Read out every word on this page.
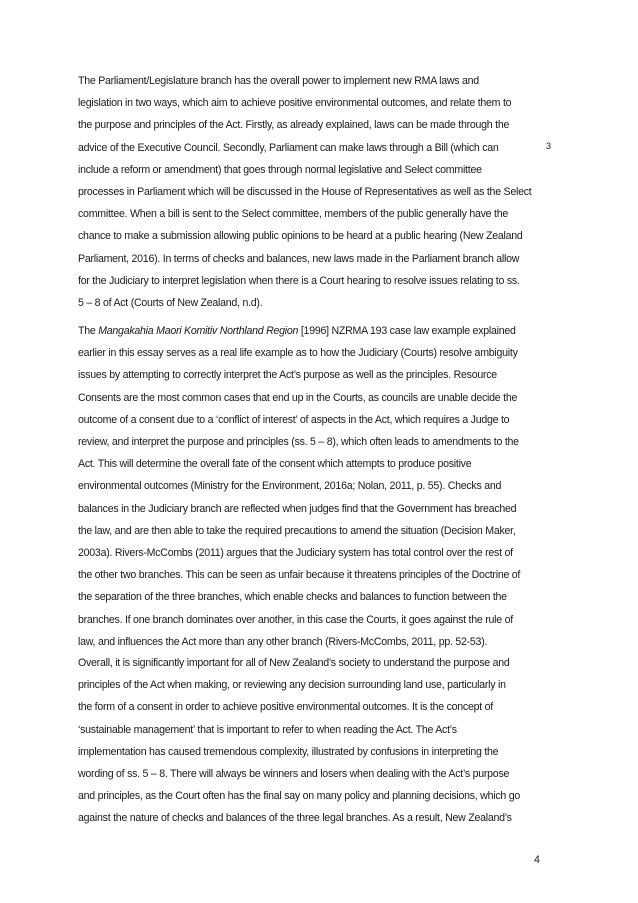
The Parliament/Legislature branch has the overall power to implement new RMA laws and
legislation in two ways, which aim to achieve positive environmental outcomes, and relate them to
the purpose and principles of the Act. Firstly, as already explained, laws can be made through the
advice of the Executive Council. Secondly, Parliament can make laws through a Bill (which can
include a reform or amendment) that goes through normal legislative and Select committee
processes in Parliament which will be discussed in the House of Representatives as well as the Select
committee. When a bill is sent to the Select committee, members of the public generally have the
chance to make a submission allowing public opinions to be heard at a public hearing (New Zealand
Parliament, 2016). In terms of checks and balances, new laws made in the Parliament branch allow
for the Judiciary to interpret legislation when there is a Court hearing to resolve issues relating to ss.
5 – 8 of Act (Courts of New Zealand, n.d).
3
The Mangakahia Maori Komitiv Northland Region [1996] NZRMA 193 case law example explained
earlier in this essay serves as a real life example as to how the Judiciary (Courts) resolve ambiguity
issues by attempting to correctly interpret the Act’s purpose as well as the principles. Resource
Consents are the most common cases that end up in the Courts, as councils are unable decide the
outcome of a consent due to a ‘conflict of interest’ of aspects in the Act, which requires a Judge to
review, and interpret the purpose and principles (ss. 5 – 8), which often leads to amendments to the
Act. This will determine the overall fate of the consent which attempts to produce positive
environmental outcomes (Ministry for the Environment, 2016a; Nolan, 2011, p. 55). Checks and
balances in the Judiciary branch are reflected when judges find that the Government has breached
the law, and are then able to take the required precautions to amend the situation (Decision Maker,
2003a). Rivers-McCombs (2011) argues that the Judiciary system has total control over the rest of
the other two branches. This can be seen as unfair because it threatens principles of the Doctrine of
the separation of the three branches, which enable checks and balances to function between the
branches. If one branch dominates over another, in this case the Courts, it goes against the rule of
law, and influences the Act more than any other branch (Rivers-McCombs, 2011, pp. 52-53).
Overall, it is significantly important for all of New Zealand’s society to understand the purpose and
principles of the Act when making, or reviewing any decision surrounding land use, particularly in
the form of a consent in order to achieve positive environmental outcomes. It is the concept of
‘sustainable management’ that is important to refer to when reading the Act. The Act’s
implementation has caused tremendous complexity, illustrated by confusions in interpreting the
wording of ss. 5 – 8. There will always be winners and losers when dealing with the Act’s purpose
and principles, as the Court often has the final say on many policy and planning decisions, which go
against the nature of checks and balances of the three legal branches. As a result, New Zealand’s
4
